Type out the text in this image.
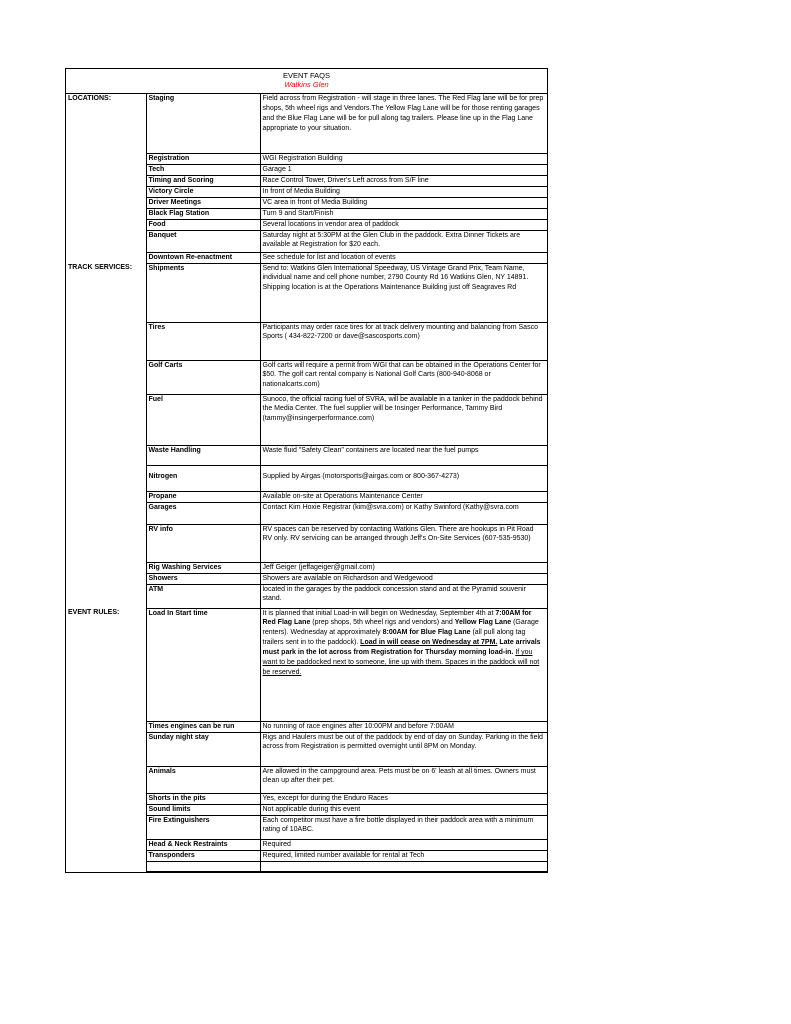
EVENT FAQS
Watkins Glen
LOCATIONS:	Staging	Field across from Registration - will stage in three lanes. The Red Flag lane will be for prep shops, 5th wheel rigs and Vendors.The Yellow Flag Lane will be for those renting garages and the Blue Flag Lane will be for pull along tag trailers. Please line up in the Flag Lane appropriate to your situation.
	Registration	WGI Registration Building
	Tech	Garage 1
	Timing and Scoring	Race Control Tower, Driver's Left across from S/F line
	Victory Circle	In front of Media Building
	Driver Meetings	VC area in front of Media Building
	Black Flag Station	Turn 9 and Start/Finish
	Food	Several locations in vendor area of paddock
	Banquet	Saturday night at 5:30PM at the Glen Club in the paddock. Extra Dinner Tickets are available at Registration for $20 each.
	Downtown Re-enactment	See schedule for list and location of events
TRACK SERVICES:	Shipments	Send to: Watkins Glen International Speedway, US Vintage Grand Prix, Team Name, individual name and cell phone number, 2790 County Rd 16 Watkins Glen, NY 14891. Shipping location is at the Operations Maintenance Building just off Seagraves Rd
	Tires	Participants may order race tires for at track delivery mounting and balancing from Sasco Sports ( 434-822-7200 or dave@sascosports.com)
	Golf Carts	Golf carts will require a permit from WGI that can be obtained in the Operations Center for $50. The golf cart rental company is National Golf Carts (800-940-8068 or nationalcarts.com)
	Fuel	Sunoco, the official racing fuel of SVRA, will be available in a tanker in the paddock behind the Media Center. The fuel supplier will be Insinger Performance, Tammy Bird (tammy@insingerperformance.com)
	Waste Handling	Waste fluid "Safety Clean" containers are located near the fuel pumps
	Nitrogen	Supplied by Airgas (motorsports@airgas.com or 800-367-4273)
	Propane	Available on-site at Operations Maintenance Center
	Garages	Contact Kim Hoxie Registrar (kim@svra.com) or Kathy Swinford (Kathy@svra.com
	RV info	RV spaces can be reserved by contacting Watkins Glen. There are hookups in Pit Road RV only. RV servicing can be arranged through Jeff's On-Site Services (607-535-9530)
	Rig Washing Services	Jeff Geiger (jeffageiger@gmail.com)
	Showers	Showers are available on Richardson and Wedgewood
	ATM	located in the garages by the paddock concession stand and at the Pyramid souvenir stand.
EVENT RULES:	Load In Start time	It is planned that initial Load-in will begin on Wednesday, September 4th at 7:00AM for Red Flag Lane (prep shops, 5th wheel rigs and vendors) and Yellow Flag Lane (Garage renters). Wednesday at approximately 8:00AM for Blue Flag Lane (all pull along tag trailers sent in to the paddock). Load in will cease on Wednesday at 7PM. Late arrivals must park in the lot across from Registration for Thursday morning load-in. If you want to be paddocked next to someone, line up with them. Spaces in the paddock will not be reserved.
	Times engines can be run	No running of race engines after 10:00PM and before 7:00AM
	Sunday night stay	Rigs and Haulers must be out of the paddock by end of day on Sunday. Parking in the field across from Registration is permitted overnight until 8PM on Monday.
	Animals	Are allowed in the campground area. Pets must be on 6' leash at all times. Owners must clean up after their pet.
	Shorts in the pits	Yes, except for during the Enduro Races
	Sound limits	Not applicable during this event
	Fire Extinguishers	Each competitor must have a fire bottle displayed in their paddock area with a minimum rating of 10ABC.
	Head & Neck Restraints	Required
	Transponders	Required, limited number available for rental at Tech
